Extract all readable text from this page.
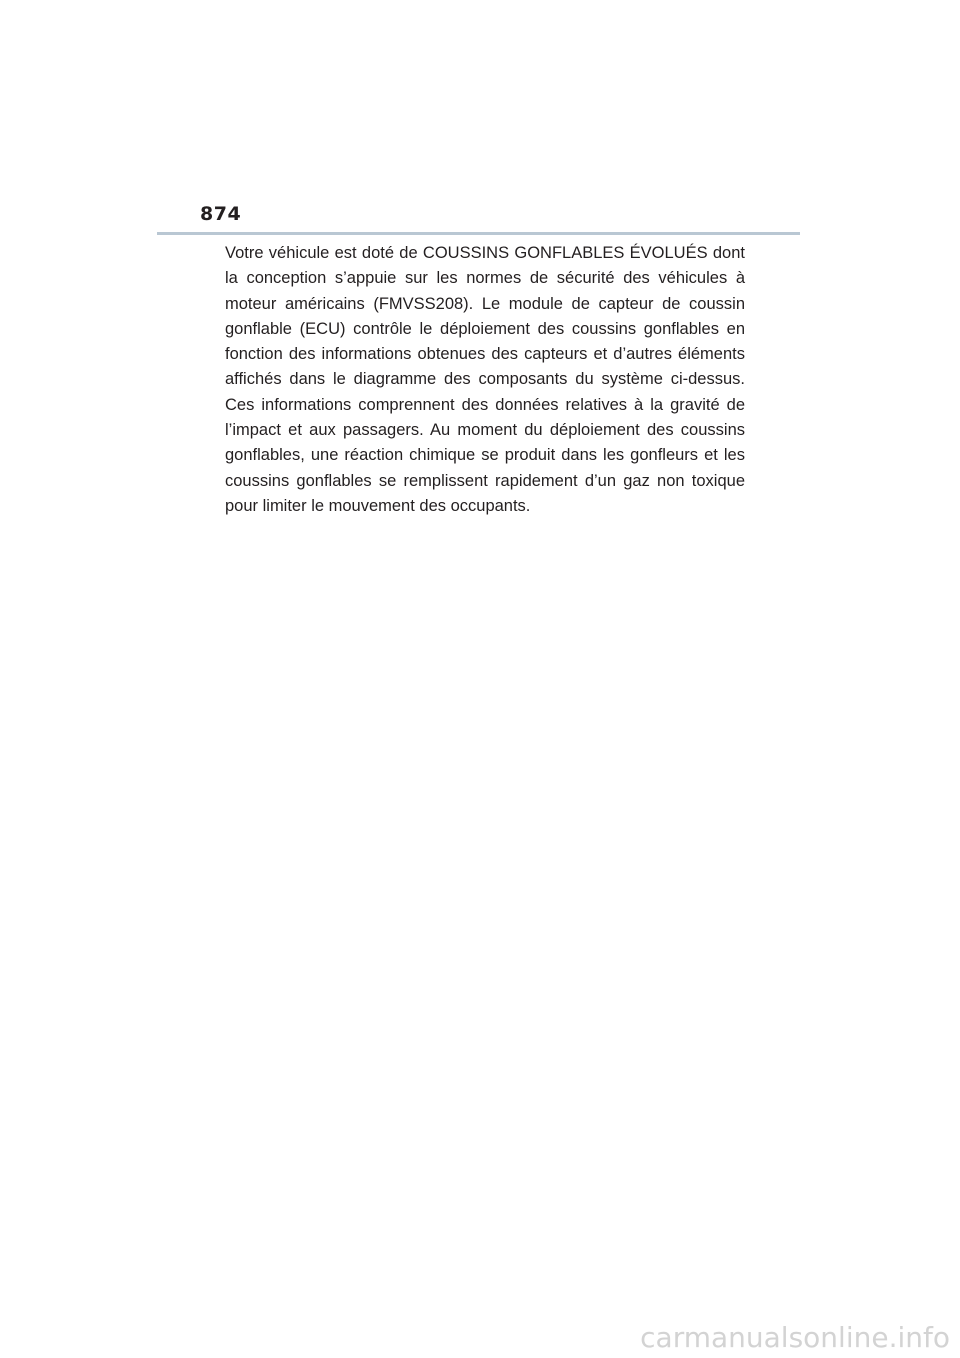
874

Votre véhicule est doté de COUSSINS GONFLABLES ÉVOLUÉS dont la conception s’appuie sur les normes de sécurité des véhicules à moteur américains (FMVSS208). Le module de capteur de coussin gonflable (ECU) contrôle le déploiement des coussins gonflables en fonction des informations obtenues des capteurs et d’autres éléments affichés dans le diagramme des composants du système ci-dessus. Ces informations comprennent des données relatives à la gravité de l’impact et aux passagers. Au moment du déploiement des coussins gonflables, une réaction chimique se produit dans les gonfleurs et les coussins gonflables se remplissent rapidement d’un gaz non toxique pour limiter le mouvement des occupants.

carmanualsonline.info
